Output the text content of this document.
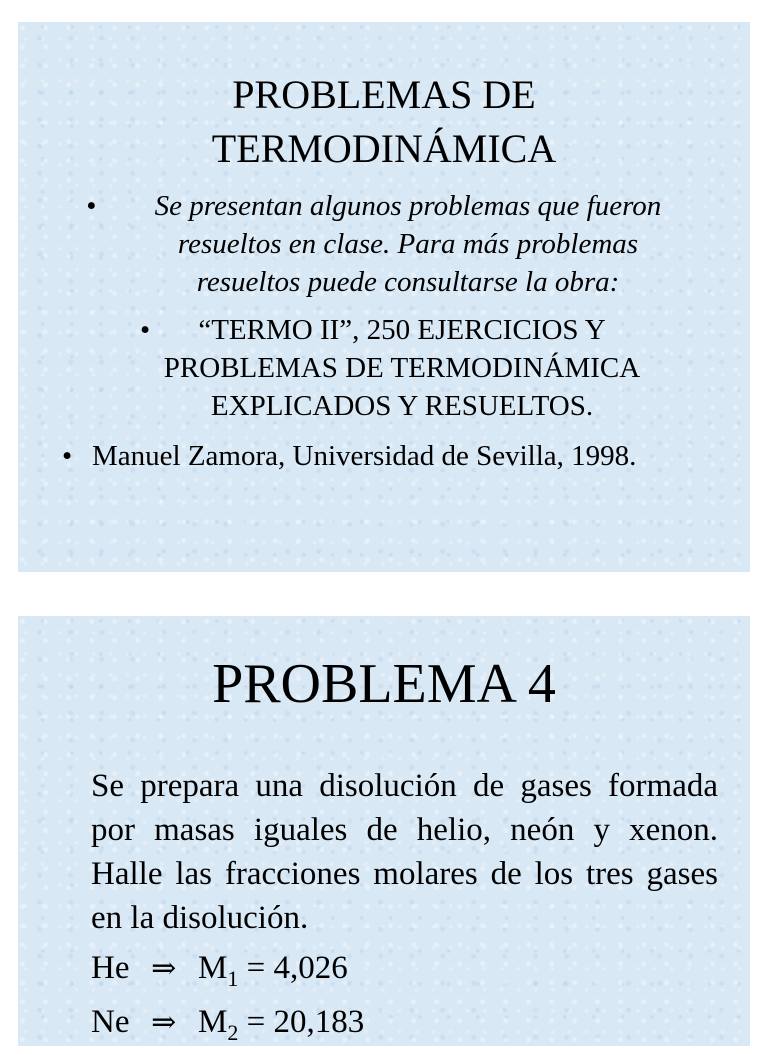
PROBLEMAS DE
TERMODINÁMICA
•	Se presentan algunos problemas que fueron
resueltos en clase. Para más problemas
resueltos puede consultarse la obra:
•	“TERMO II”, 250 EJERCICIOS Y
PROBLEMAS DE TERMODINÁMICA
EXPLICADOS Y RESUELTOS.
• Manuel Zamora, Universidad de Sevilla, 1998.
PROBLEMA 4
Se prepara una disolución de gases formada por masas iguales de helio, neón y xenon. Halle las fracciones molares de los tres gases en la disolución.
He ⇒ $M_1 = 4,026$
Ne ⇒ $M_2 = 20,183$
